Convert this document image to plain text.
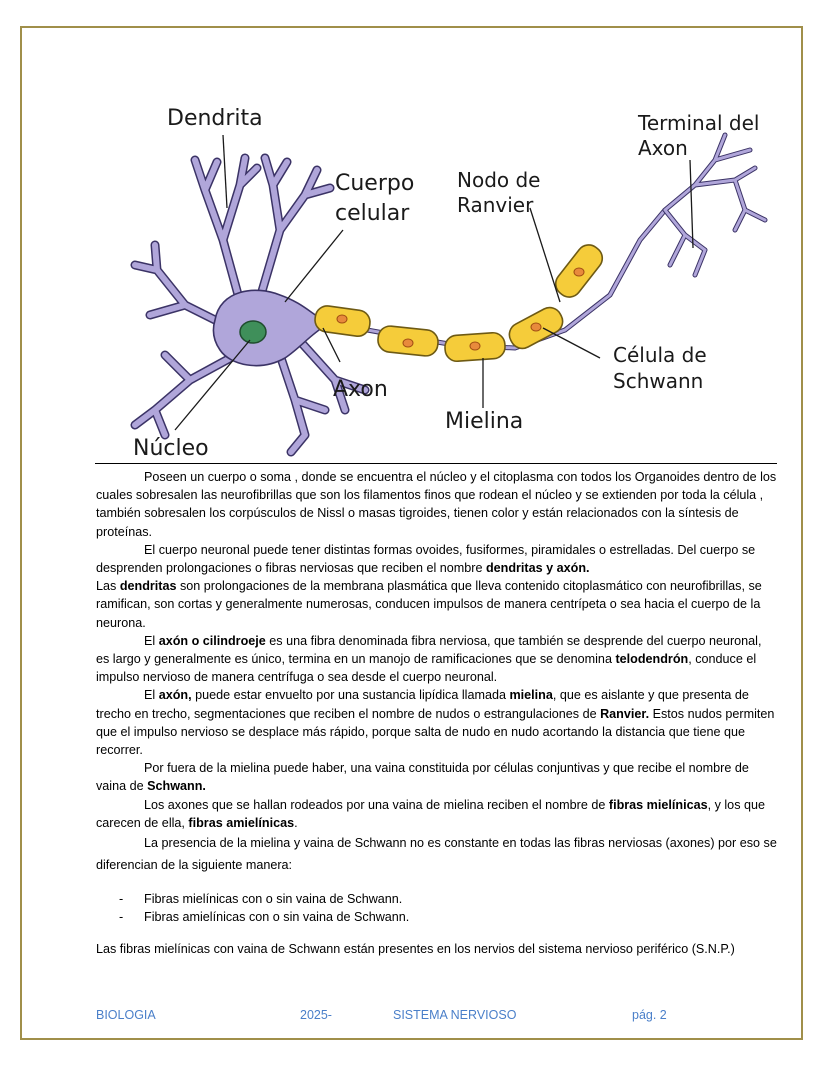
Dendrita
Cuerpo
celular
Núcleo
Axon
Mielina
Nodo de
Ranvier
Terminal del
Axon
Célula de
Schwann

Poseen un cuerpo o soma , donde se encuentra el núcleo y el citoplasma con todos los Organoides dentro de los cuales sobresalen las neurofibrillas que son los filamentos finos que rodean el núcleo y se extienden por toda la célula , también sobresalen los corpúsculos de Nissl o masas tigroides, tienen color y están relacionados con la síntesis de proteínas.

El cuerpo neuronal puede tener distintas formas ovoides, fusiformes, piramidales o estrelladas. Del cuerpo se desprenden prolongaciones o fibras nerviosas que reciben el nombre dendritas y axón.

Las dendritas son prolongaciones de la membrana plasmática que lleva contenido citoplasmático con neurofibrillas, se ramifican, son cortas y generalmente numerosas, conducen impulsos de manera centrípeta o sea hacia el cuerpo de la neurona.

El axón o cilindroeje es una fibra denominada fibra nerviosa, que también se desprende del cuerpo neuronal, es largo y generalmente es único, termina en un manojo de ramificaciones que se denomina telodendrón, conduce el impulso nervioso de manera centrífuga o sea desde el cuerpo neuronal.

El axón, puede estar envuelto por una sustancia lipídica llamada mielina, que es aislante y que presenta de trecho en trecho, segmentaciones que reciben el nombre de nudos o estrangulaciones de Ranvier. Estos nudos permiten que el impulso nervioso se desplace más rápido, porque salta de nudo en nudo acortando la distancia que tiene que recorrer.

Por fuera de la mielina puede haber, una vaina constituida por células conjuntivas y que recibe el nombre de vaina de Schwann.

Los axones que se hallan rodeados por una vaina de mielina reciben el nombre de fibras mielínicas, y los que carecen de ella, fibras amielínicas.

La presencia de la mielina y vaina de Schwann no es constante en todas las fibras nerviosas (axones) por eso se diferencian de la siguiente manera:

- Fibras mielínicas con o sin vaina de Schwann.
- Fibras amielínicas con o sin vaina de Schwann.

Las fibras mielínicas con vaina de Schwann están presentes en los nervios del sistema nervioso periférico (S.N.P.)

BIOLOGIA	2025-	SISTEMA NERVIOSO	pág. 2
